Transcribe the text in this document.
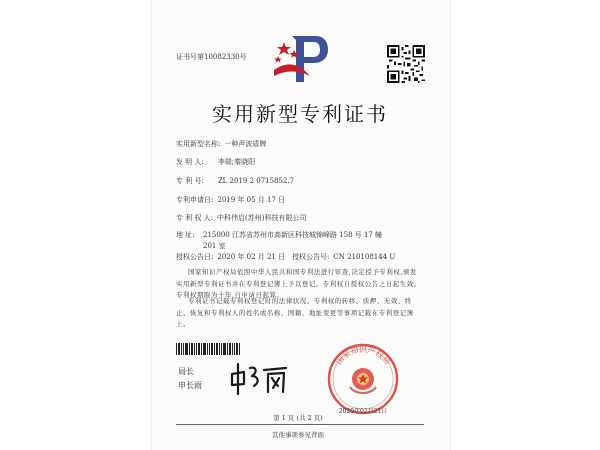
证书号第10082330号
实用新型专利证书
实用新型名称: 一种声波盾牌
发 明 人: 李瑞;秦晓阳
专 利 号: ZL 2019 2 0715852.7
专利申请日: 2019 年 05 月 17 日
专 利 权 人: 中科伟启(苏州)科技有限公司
地 址: 215000 江苏省苏州市高新区科技城锦峰路 158 号 17 幢 201 室
授权公告日: 2020 年 02 月 21 日 授权公告号: CN 210108144 U
国家知识产权局依照中华人民共和国专利法进行审查,决定授予专利权,颁发实用新型专利证书并在专利登记簿上予以登记。专利权自授权公告之日起生效。专利权期限为十年,自申请日起算。
专利证书记载专利权登记时的法律状况。专利权的转移、质押、无效、终止、恢复和专利权人的姓名或名称、国籍、地址变更等事项记载在专利登记簿上。
局长
申长雨
国家知识产权局
2020年02月21日
第 1 页 (共 2 页)
其他事项参见背面
